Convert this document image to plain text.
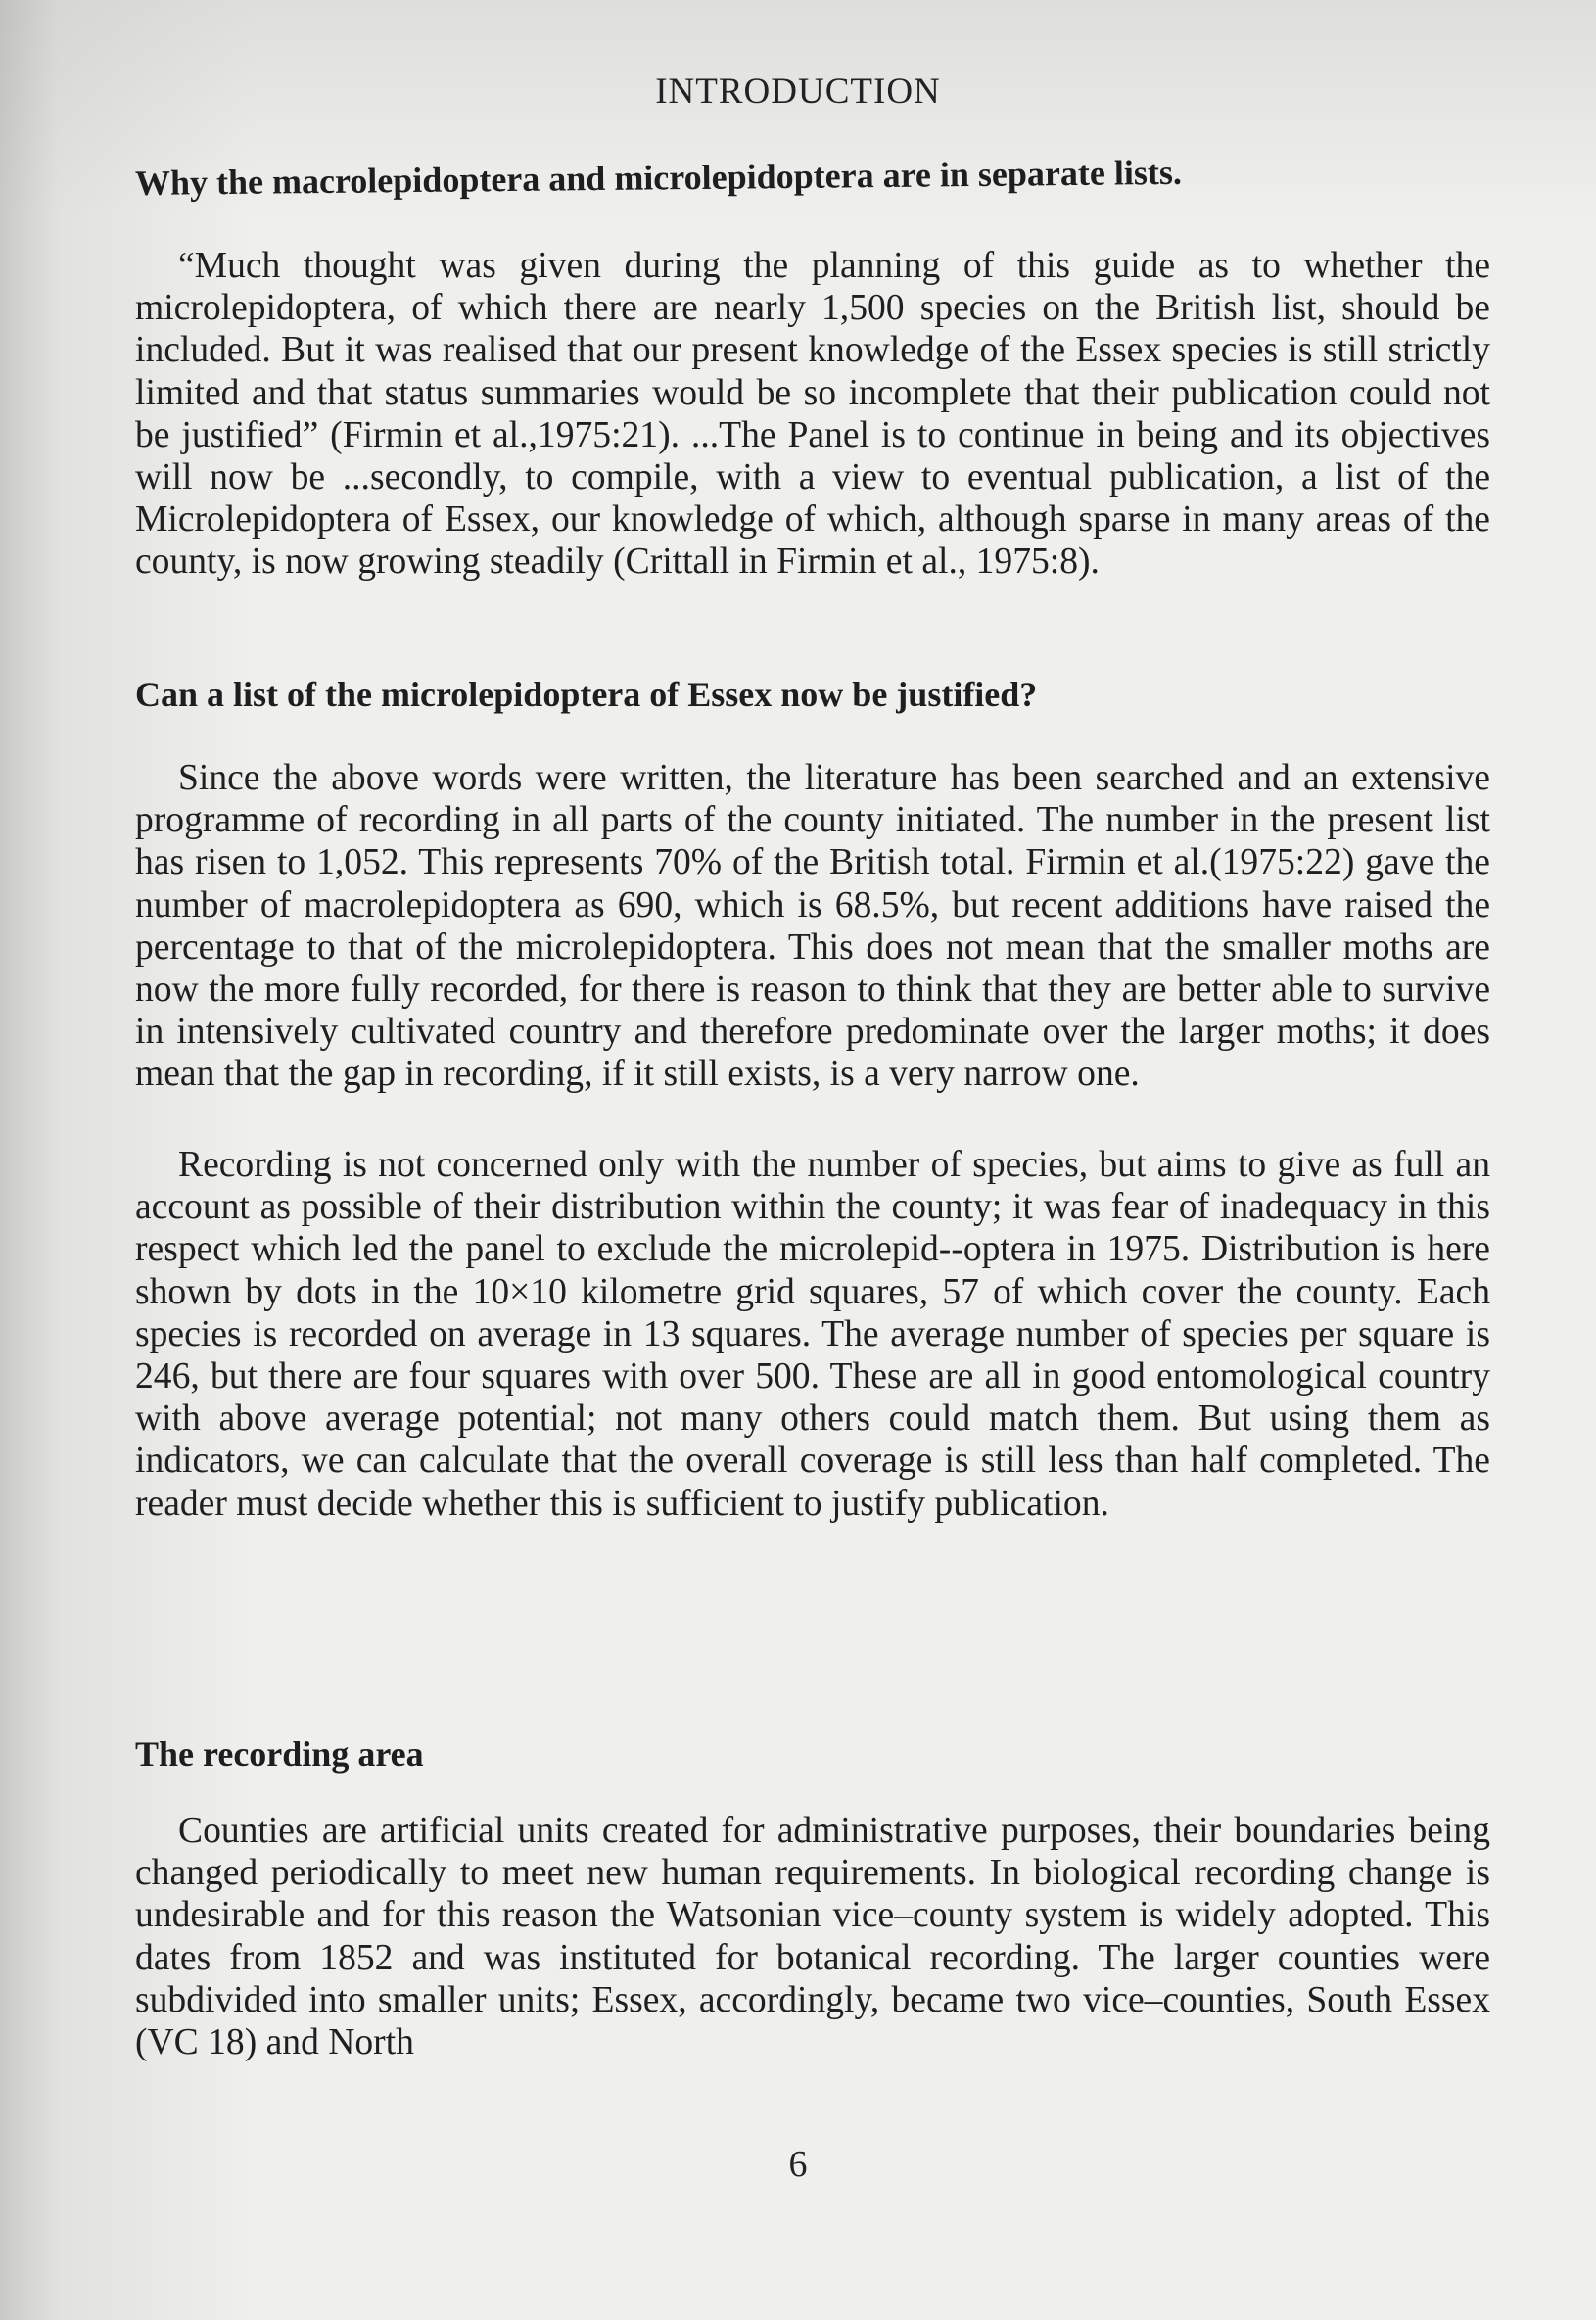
INTRODUCTION
Why the macrolepidoptera and microlepidoptera are in separate lists.
“Much thought was given during the planning of this guide as to whether the microlepidoptera, of which there are nearly 1,500 species on the British list, should be included. But it was realised that our present knowledge of the Essex species is still strictly limited and that status summaries would be so incomplete that their publication could not be justified” (Firmin et al.,1975:21). ...The Panel is to continue in being and its objectives will now be ...secondly, to compile, with a view to eventual publication, a list of the Microlepidoptera of Essex, our knowledge of which, although sparse in many areas of the county, is now growing steadily (Crittall in Firmin et al., 1975:8).
Can a list of the microlepidoptera of Essex now be justified?
Since the above words were written, the literature has been searched and an extensive programme of recording in all parts of the county initiated. The number in the present list has risen to 1,052. This represents 70% of the British total. Firmin et al.(1975:22) gave the number of macrolepidoptera as 690, which is 68.5%, but recent additions have raised the percentage to that of the microlepidoptera. This does not mean that the smaller moths are now the more fully recorded, for there is reason to think that they are better able to survive in intensively cultivated country and therefore predominate over the larger moths; it does mean that the gap in recording, if it still exists, is a very narrow one.
Recording is not concerned only with the number of species, but aims to give as full an account as possible of their distribution within the county; it was fear of inadequacy in this respect which led the panel to exclude the microlepid--optera in 1975. Distribution is here shown by dots in the 10×10 kilometre grid squares, 57 of which cover the county. Each species is recorded on average in 13 squares. The average number of species per square is 246, but there are four squares with over 500. These are all in good entomological country with above average potential; not many others could match them. But using them as indicators, we can calculate that the overall coverage is still less than half completed. The reader must decide whether this is sufficient to justify publication.
The recording area
Counties are artificial units created for administrative purposes, their boundaries being changed periodically to meet new human requirements. In biological recording change is undesirable and for this reason the Watsonian vice–county system is widely adopted. This dates from 1852 and was instituted for botanical recording. The larger counties were subdivided into smaller units; Essex, accordingly, became two vice–counties, South Essex (VC 18) and North
6
